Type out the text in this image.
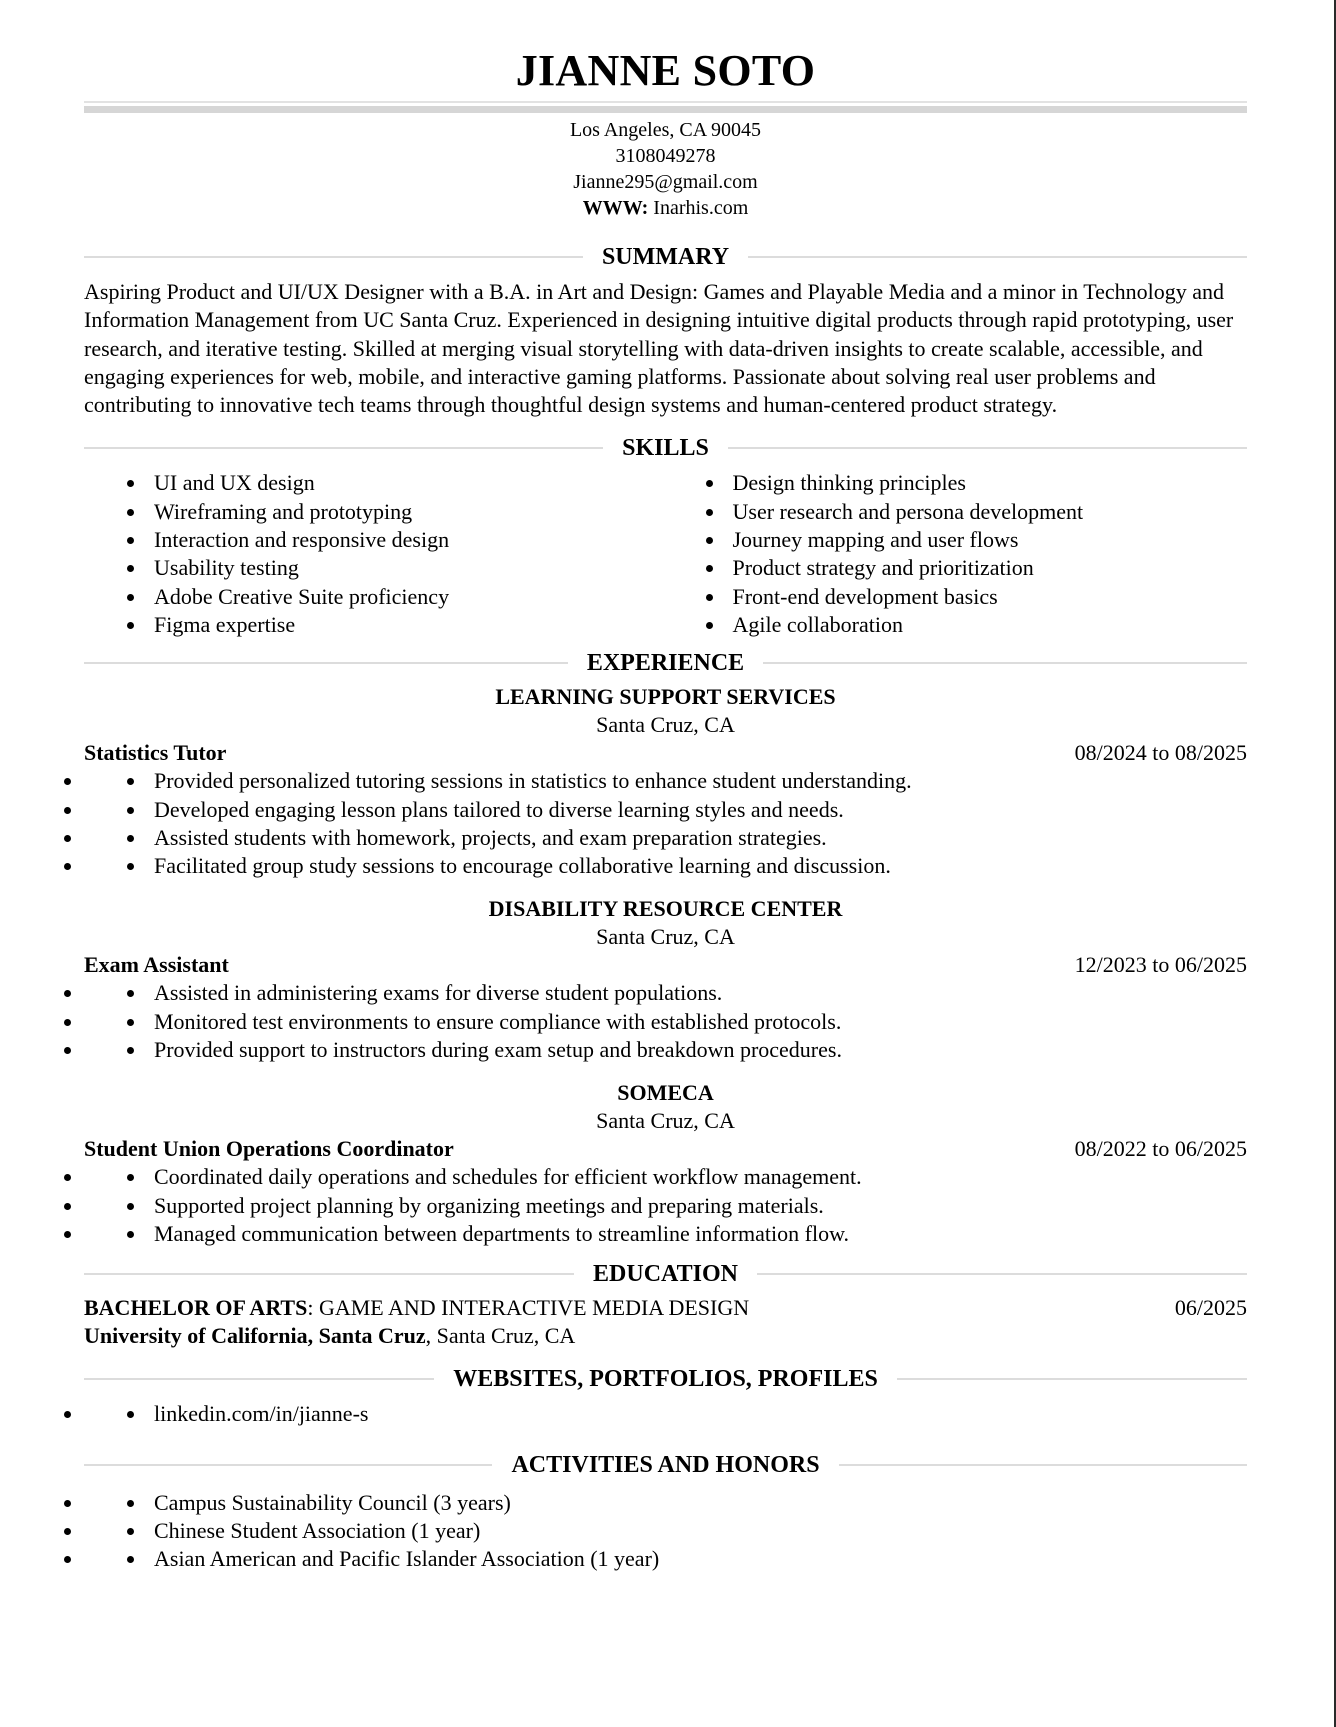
JIANNE SOTO
Los Angeles, CA 90045
3108049278
Jianne295@gmail.com
WWW: Inarhis.com
SUMMARY

Aspiring Product and UI/UX Designer with a B.A. in Art and Design: Games and Playable Media and a minor in Technology and Information Management from UC Santa Cruz. Experienced in designing intuitive digital products through rapid prototyping, user research, and iterative testing. Skilled at merging visual storytelling with data-driven insights to create scalable, accessible, and engaging experiences for web, mobile, and interactive gaming platforms. Passionate about solving real user problems and contributing to innovative tech teams through thoughtful design systems and human-centered product strategy.

SKILLS
UI and UX design
Wireframing and prototyping
Interaction and responsive design
Usability testing
Adobe Creative Suite proficiency
Figma expertise
Design thinking principles
User research and persona development
Journey mapping and user flows
Product strategy and prioritization
Front-end development basics
Agile collaboration
EXPERIENCE
LEARNING SUPPORT SERVICES
Santa Cruz, CA
Statistics Tutor	08/2024 to 08/2025
• Provided personalized tutoring sessions in statistics to enhance student understanding.
• Developed engaging lesson plans tailored to diverse learning styles and needs.
• Assisted students with homework, projects, and exam preparation strategies.
• Facilitated group study sessions to encourage collaborative learning and discussion.
DISABILITY RESOURCE CENTER
Santa Cruz, CA
Exam Assistant	12/2023 to 06/2025
• Assisted in administering exams for diverse student populations.
• Monitored test environments to ensure compliance with established protocols.
• Provided support to instructors during exam setup and breakdown procedures.
SOMECA
Santa Cruz, CA
Student Union Operations Coordinator	08/2022 to 06/2025
• Coordinated daily operations and schedules for efficient workflow management.
• Supported project planning by organizing meetings and preparing materials.
• Managed communication between departments to streamline information flow.
EDUCATION
BACHELOR OF ARTS: GAME AND INTERACTIVE MEDIA DESIGN	06/2025
University of California, Santa Cruz, Santa Cruz, CA
WEBSITES, PORTFOLIOS, PROFILES
• linkedin.com/in/jianne-s
ACTIVITIES AND HONORS
• Campus Sustainability Council (3 years)
• Chinese Student Association (1 year)
• Asian American and Pacific Islander Association (1 year)
